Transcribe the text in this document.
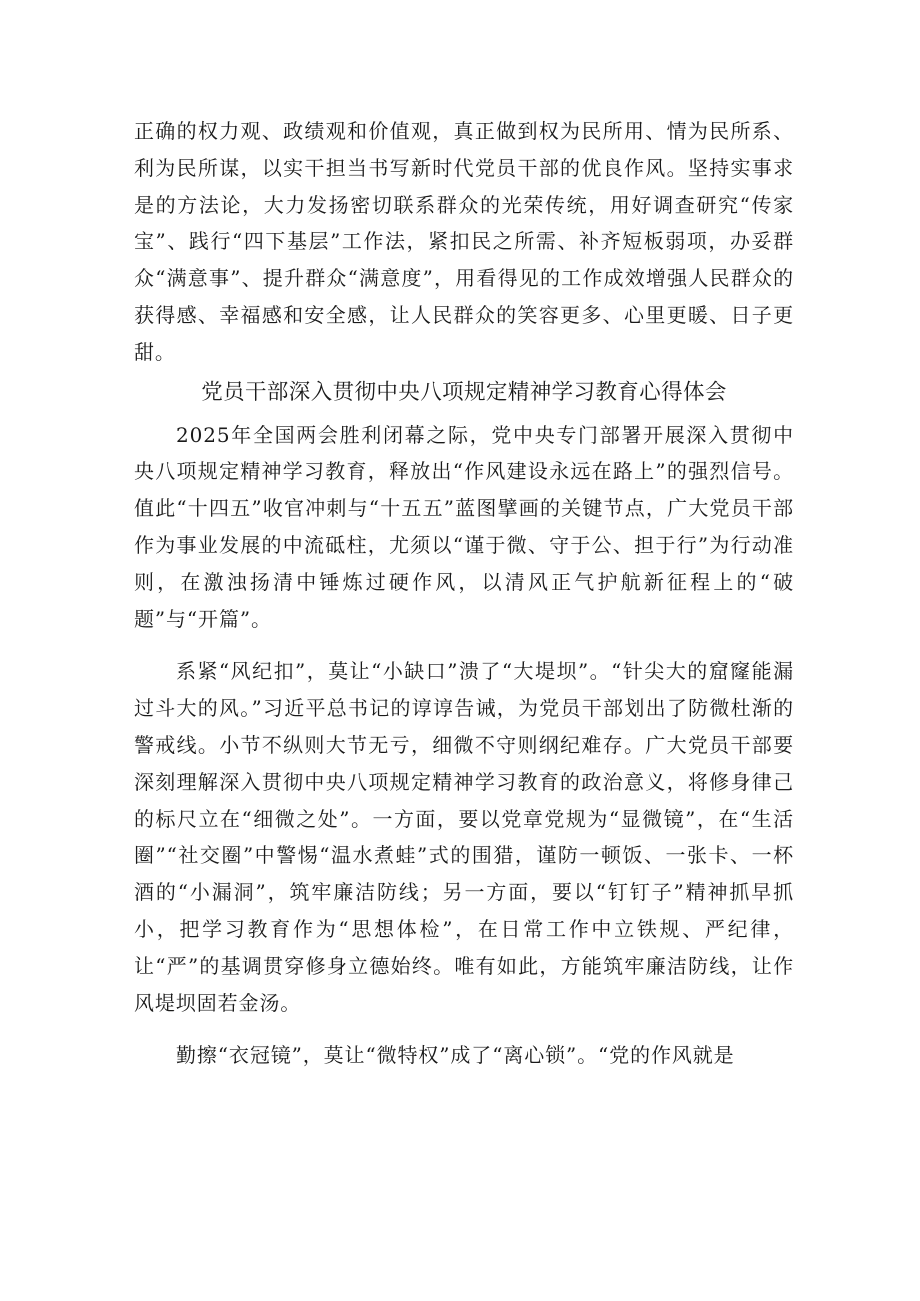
正确的权力观、政绩观和价值观，真正做到权为民所用、情为民所系、利为民所谋，以实干担当书写新时代党员干部的优良作风。坚持实事求是的方法论，大力发扬密切联系群众的光荣传统，用好调查研究“传家宝”、践行“四下基层”工作法，紧扣民之所需、补齐短板弱项，办妥群众“满意事”、提升群众“满意度”，用看得见的工作成效增强人民群众的获得感、幸福感和安全感，让人民群众的笑容更多、心里更暖、日子更甜。

党员干部深入贯彻中央八项规定精神学习教育心得体会

2025年全国两会胜利闭幕之际，党中央专门部署开展深入贯彻中央八项规定精神学习教育，释放出“作风建设永远在路上”的强烈信号。值此“十四五”收官冲刺与“十五五”蓝图擘画的关键节点，广大党员干部作为事业发展的中流砥柱，尤须以“谨于微、守于公、担于行”为行动准则，在激浊扬清中锤炼过硬作风，以清风正气护航新征程上的“破题”与“开篇”。

系紧“风纪扣”，莫让“小缺口”溃了“大堤坝”。“针尖大的窟窿能漏过斗大的风。”习近平总书记的谆谆告诫，为党员干部划出了防微杜渐的警戒线。小节不纵则大节无亏，细微不守则纲纪难存。广大党员干部要深刻理解深入贯彻中央八项规定精神学习教育的政治意义，将修身律己的标尺立在“细微之处”。一方面，要以党章党规为“显微镜”，在“生活圈”“社交圈”中警惕“温水煮蛙”式的围猎，谨防一顿饭、一张卡、一杯酒的“小漏洞”，筑牢廉洁防线；另一方面，要以“钉钉子”精神抓早抓小，把学习教育作为“思想体检”，在日常工作中立铁规、严纪律，让“严”的基调贯穿修身立德始终。唯有如此，方能筑牢廉洁防线，让作风堤坝固若金汤。

勤擦“衣冠镜”，莫让“微特权”成了“离心锁”。“党的作风就是
